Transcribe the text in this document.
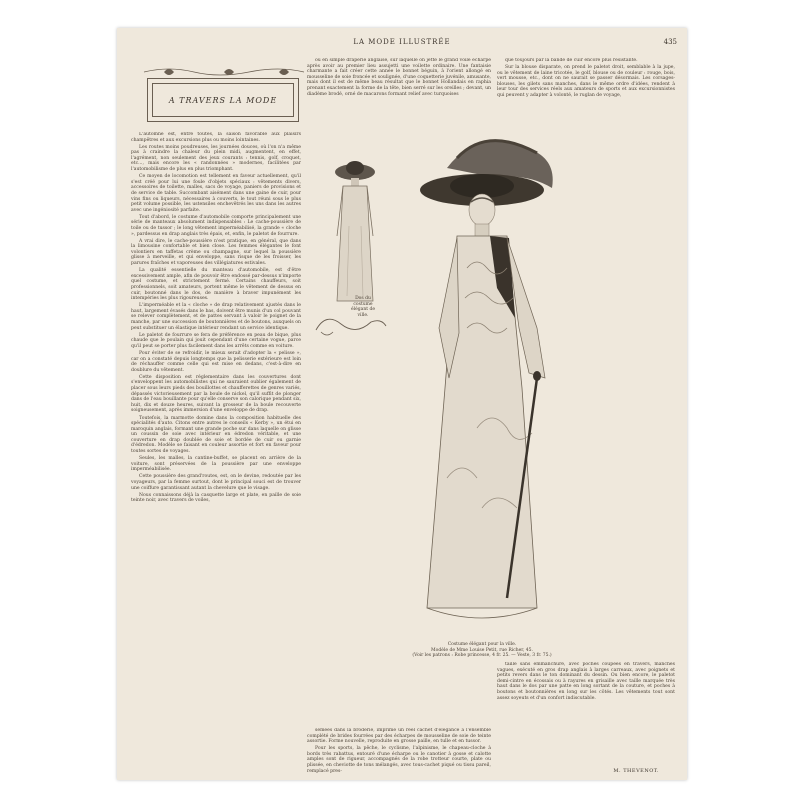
LA MODE ILLUSTRÉE	435
A TRAVERS LA MODE

L'automne est, entre toutes, la saison favorable aux plaisirs champêtres et aux excursions plus ou moins lointaines.

Les routes moins poudreuses, les journées douces, où l'on n'a même pas à craindre la chaleur du plein midi, augmentent, en effet, l'agrément, non seulement des jeux courants : tennis, golf, croquet, etc..., mais encore les « randonnées » modernes, facilitées par l'automobilisme de plus en plus triomphant.

Ce moyen de locomotion est tellement en faveur actuellement, qu'il s'est créé pour lui une foule d'objets spéciaux : vêtements divers, accessoires de toilette, malles, sacs de voyage, paniers de provisions et de service de table. Succombant aisément dans une gaine de cuir, pour vins fins ou liqueurs, nécessaires à couverts, le tout réuni sous le plus petit volume possible, les ustensiles enchevêtrés les uns dans les autres avec une ingéniosité parfaite.

Tout d'abord, le costume d'automobile comporte principalement une série de manteaux absolument indispensables : Le cache-poussière de toile ou de tussor ; le long vêtement imperméabilisé, la grande « cloche », pardessus en drap anglais très épais, et, enfin, le paletot de fourrure.

A vrai dire, le cache-poussière n'est pratique, en général, que dans la limousine confortable et bien close. Les femmes élégantes le font volontiers en taffetas crème ou champagne, sur lequel la poussière glisse à merveille, et qui enveloppe, sans risque de les froisser, les parures fraîches et vaporeuses des villégiatures estivales.

La qualité essentielle du manteau d'automobile, est d'être excessivement ample, afin de pouvoir être endossé par-dessus n'importe quel costume, et strictement fermé. Certains chauffeurs, soit professionnels, soit amateurs, portent même le vêtement de dessus en cuir, boutonné dans le dos, de manière à braver impunément les intempéries les plus rigoureuses.

L'imperméable et la « cloche » de drap relativement ajustés dans le haut, largement évasés dans le bas, doivent être munis d'un col pouvant se relever complètement, et de pattes servant à valoir le poignet de la manche, par une succession de boutonnières et de boutons, auxquels on peut substituer un élastique intérieur rendant un service identique.

Le paletot de fourrure se fera de préférence en peau de bique, plus chaude que le poulain qui jouit cependant d'une certaine vogue, parce qu'il peut se porter plus facilement dans les arrêts comme en voiture.

Pour éviter de se refroidir, le mieux serait d'adopter la « pelisse », car on a constaté depuis longtemps que la pelisserie extérieure est loin de réchauffer comme celle qui est mise en dedans, c'est-à-dire en doublure du vêtement.

Cette disposition est réglementaire dans les couvertures dont s'enveloppent les automobilistes qui ne sauraient oublier également de placer sous leurs pieds des bouillottes et chaufferettes de genres variés, dépassés victorieusement par la boule de nickel, qu'il suffit de plonger dans de l'eau bouillante pour qu'elle conserve son calorique pendant six, huit, dix et douze heures, suivant la grosseur de la boule recouverte soigneusement, après immersion d'une enveloppe de drap.

Toutefois, la marmotte domine dans la composition habituelle des spécialités d'auto. Citons entre autres le conseils « Kerby », un étui en maroquin anglais, formant une grande poche sur dans laquelle on glisse un coussin de soie avec intérieur en édredon véritable, et une couverture en drap doublée de soie et bordée de cuir ou garnie d'édredon. Modèle se faisant en couleur assortie et fort en faveur pour toutes sortes de voyages.

Seules, les malles, la cantine-buffet, se placent en arrière de la voiture, sont préservées de la poussière par une enveloppe imperméabilisée.

Cette poussière des grand'routes, est, on le devine, redoutée par les voyageurs, par la femme surtout, dont le principal souci est de trouver une coiffure garantissant autant la chevelure que le visage.

Nous connaissons déjà la casquette large et plate, en paille de soie teinte noir, avec travers de voiles,

ou en simple draperie anglaise, sur laquelle on jette le grand voile écharpe après avoir au premier lieu assujetti une voilette ordinaire. Une fantaisie charmante a fait créer cette année le bonnet béguin, à l'orient allongé en mousseline de soie froncée et soulignée, d'une coquetterie juvénile, amusante, mais dont il est de même beau résultat que le bonnet Hollandais en raphia prenant exactement la forme de la tête, bien serré sur les oreilles ; devant, un diadème brodé, orné de macarons formant relief avec turquoises

que toujours par la bande de cuir encore plus résistante.

Sur la blouse disparate, on prend le paletot droit, semblable à la jupe, ou le vêtement de laine tricotée, le golf, blouse ou de couleur : rouge, bois, vert mousse, etc., dont on ne saurait se passer désormais. Les corsages-blouses, les gilets sans manches, dans le même ordre d'idées, rendent à leur tour des services réels aux amateurs de sports et aux excursionnistes qui peuvent y adapter à volonté, le ruglan de voyage,

Dos du costume élégant de ville.
Costume élégant pour la ville.
Modèle de Mme Louise Petit, rue Richer, 45.
(Voir les patrons : Robe princesse, 4 fr. 25. — Veste, 3 fr. 75.)

semées dans la broderie, imprimé un réel cachet d'élégance à l'ensemble complété de brides fourrées par des écharpes de mousseline de soie de teinte assortie. Forme nouvelle, reproduite en grosse paille, en tulle et en tussor.

Pour les sports, la pêche, le cyclisme, l'alpinisme, le chapeau-cloche à bords très rabattus, entouré d'une écharpe ou le canotier à gosse et calotte amples sont de rigueur, accompagnés de la robe trotteur courte, plate ou plissée, en cheviotte de tons mélangés, avec tous-cachet piqué ou tissu pareil, remplacé pres-

taillé sans emmanchure, avec poches coupées en travers, manches vagues, exécuté en gros drap anglais à larges carreaux, avec poignets et petits revers dans le ton dominant du dessin. Ou bien encore, le paletot demi-cintre en écossais ou à rayures en grisaille avec taille marquée très haut dans le dos par une patte en long sortant de la couture, et poches à boutons et boutonnières en long sur les côtés. Les vêtements tout sont assez soyeuts et d'un confort indiscutable.

M. THEVENOT.
